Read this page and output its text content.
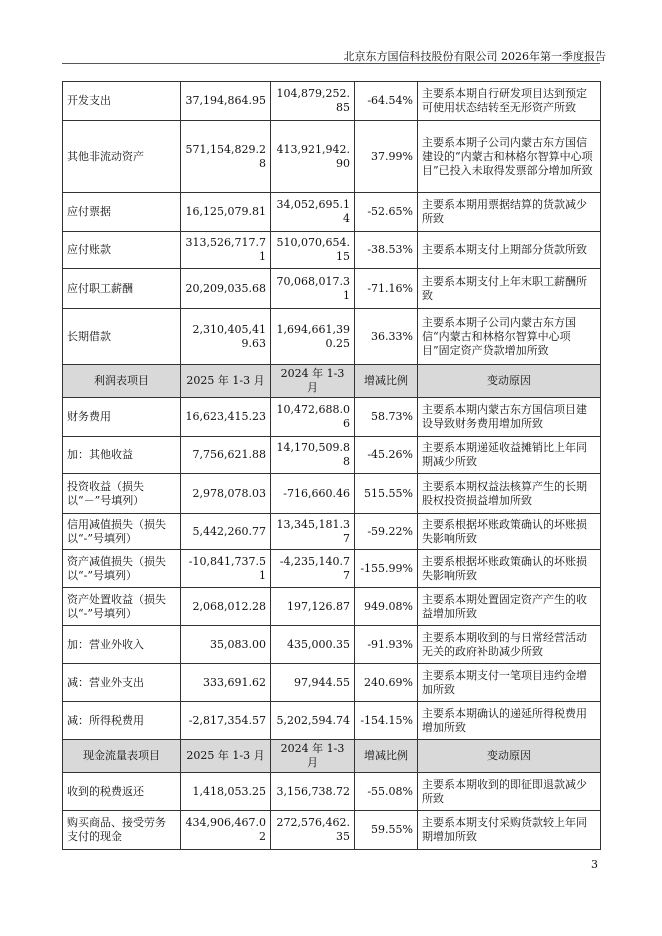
北京东方国信科技股份有限公司 2026年第一季度报告
开发支出	37,194,864.95	104,879,252.85	-64.54%	主要系本期自行研发项目达到预定可使用状态结转至无形资产所致
其他非流动资产	571,154,829.28	413,921,942.90	37.99%	主要系本期子公司内蒙古东方国信建设的“内蒙古和林格尔智算中心项目”已投入未取得发票部分增加所致
应付票据	16,125,079.81	34,052,695.14	-52.65%	主要系本期用票据结算的货款减少所致
应付账款	313,526,717.71	510,070,654.15	-38.53%	主要系本期支付上期部分货款所致
应付职工薪酬	20,209,035.68	70,068,017.31	-71.16%	主要系本期支付上年末职工薪酬所致
长期借款	2,310,405,419.63	1,694,661,390.25	36.33%	主要系本期子公司内蒙古东方国信“内蒙古和林格尔智算中心项目”固定资产贷款增加所致
利润表项目	2025 年 1-3 月	2024 年 1-3 月	增减比例	变动原因
财务费用	16,623,415.23	10,472,688.06	58.73%	主要系本期内蒙古东方国信项目建设导致财务费用增加所致
加：其他收益	7,756,621.88	14,170,509.88	-45.26%	主要系本期递延收益摊销比上年同期减少所致
投资收益（损失以“－”号填列）	2,978,078.03	-716,660.46	515.55%	主要系本期权益法核算产生的长期股权投资损益增加所致
信用减值损失（损失以“-”号填列）	5,442,260.77	13,345,181.37	-59.22%	主要系根据坏账政策确认的坏账损失影响所致
资产减值损失（损失以“-”号填列）	-10,841,737.51	-4,235,140.77	-155.99%	主要系根据坏账政策确认的坏账损失影响所致
资产处置收益（损失以“-”号填列）	2,068,012.28	197,126.87	949.08%	主要系本期处置固定资产产生的收益增加所致
加：营业外收入	35,083.00	435,000.35	-91.93%	主要系本期收到的与日常经营活动无关的政府补助减少所致
减：营业外支出	333,691.62	97,944.55	240.69%	主要系本期支付一笔项目违约金增加所致
减：所得税费用	-2,817,354.57	5,202,594.74	-154.15%	主要系本期确认的递延所得税费用增加所致
现金流量表项目	2025 年 1-3 月	2024 年 1-3 月	增减比例	变动原因
收到的税费返还	1,418,053.25	3,156,738.72	-55.08%	主要系本期收到的即征即退款减少所致
购买商品、接受劳务支付的现金	434,906,467.02	272,576,462.35	59.55%	主要系本期支付采购货款较上年同期增加所致
3
